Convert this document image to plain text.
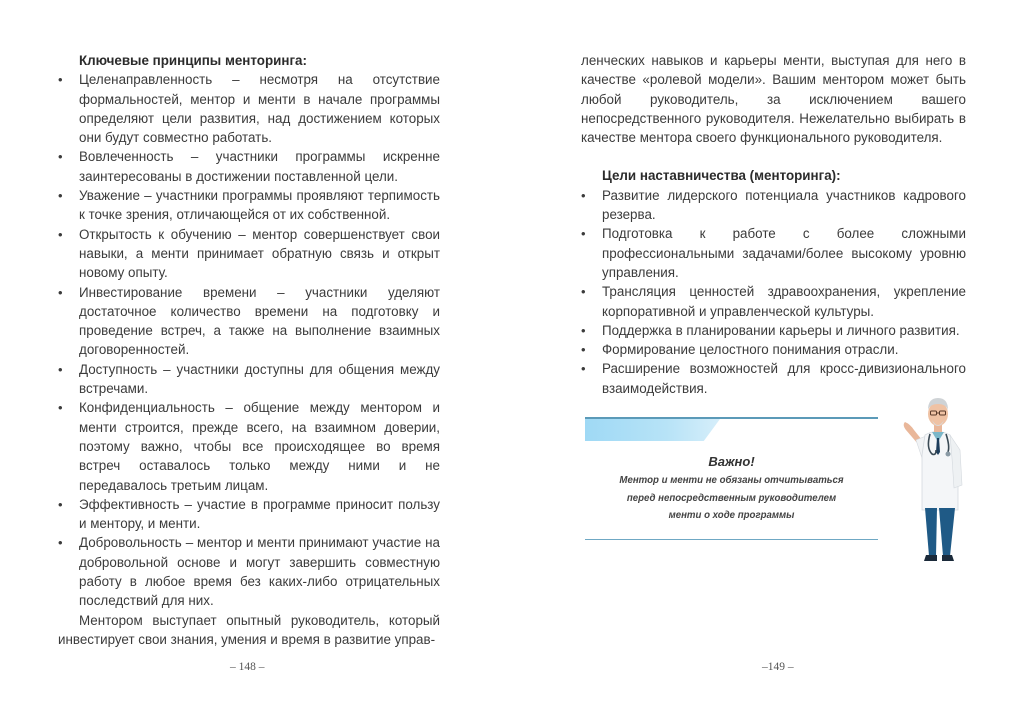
Ключевые принципы менторинга:

• Целенаправленность – несмотря на отсутствие формальностей, ментор и менти в начале программы определяют цели развития, над достижением которых они будут совместно работать.
• Вовлеченность – участники программы искренне заинтересованы в достижении поставленной цели.
• Уважение – участники программы проявляют терпимость к точке зрения, отличающейся от их собственной.
• Открытость к обучению – ментор совершенствует свои навыки, а менти принимает обратную связь и открыт новому опыту.
• Инвестирование времени – участники уделяют достаточное количество времени на подготовку и проведение встреч, а также на выполнение взаимных договоренностей.
• Доступность – участники доступны для общения между встречами.
• Конфиденциальность – общение между ментором и менти строится, прежде всего, на взаимном доверии, поэтому важно, чтобы все происходящее во время встреч оставалось только между ними и не передавалось третьим лицам.
• Эффективность – участие в программе приносит пользу и ментору, и менти.
• Добровольность – ментор и менти принимают участие на добровольной основе и могут завершить совместную работу в любое время без каких-либо отрицательных последствий для них.

Ментором выступает опытный руководитель, который инвестирует свои знания, умения и время в развитие управ-

– 148 –

ленческих навыков и карьеры менти, выступая для него в качестве «ролевой модели». Вашим ментором может быть любой руководитель, за исключением вашего непосредственного руководителя. Нежелательно выбирать в качестве ментора своего функционального руководителя.

Цели наставничества (менторинга):

• Развитие лидерского потенциала участников кадрового резерва.
• Подготовка к работе с более сложными профессиональными задачами/более высокому уровню управления.
• Трансляция ценностей здравоохранения, укрепление корпоративной и управленческой культуры.
• Поддержка в планировании карьеры и личного развития.
• Формирование целостного понимания отрасли.
• Расширение возможностей для кросс-дивизионального взаимодействия.
Важно!
Ментор и менти не обязаны отчитываться
перед непосредственным руководителем
менти о ходе программы
–149 –
